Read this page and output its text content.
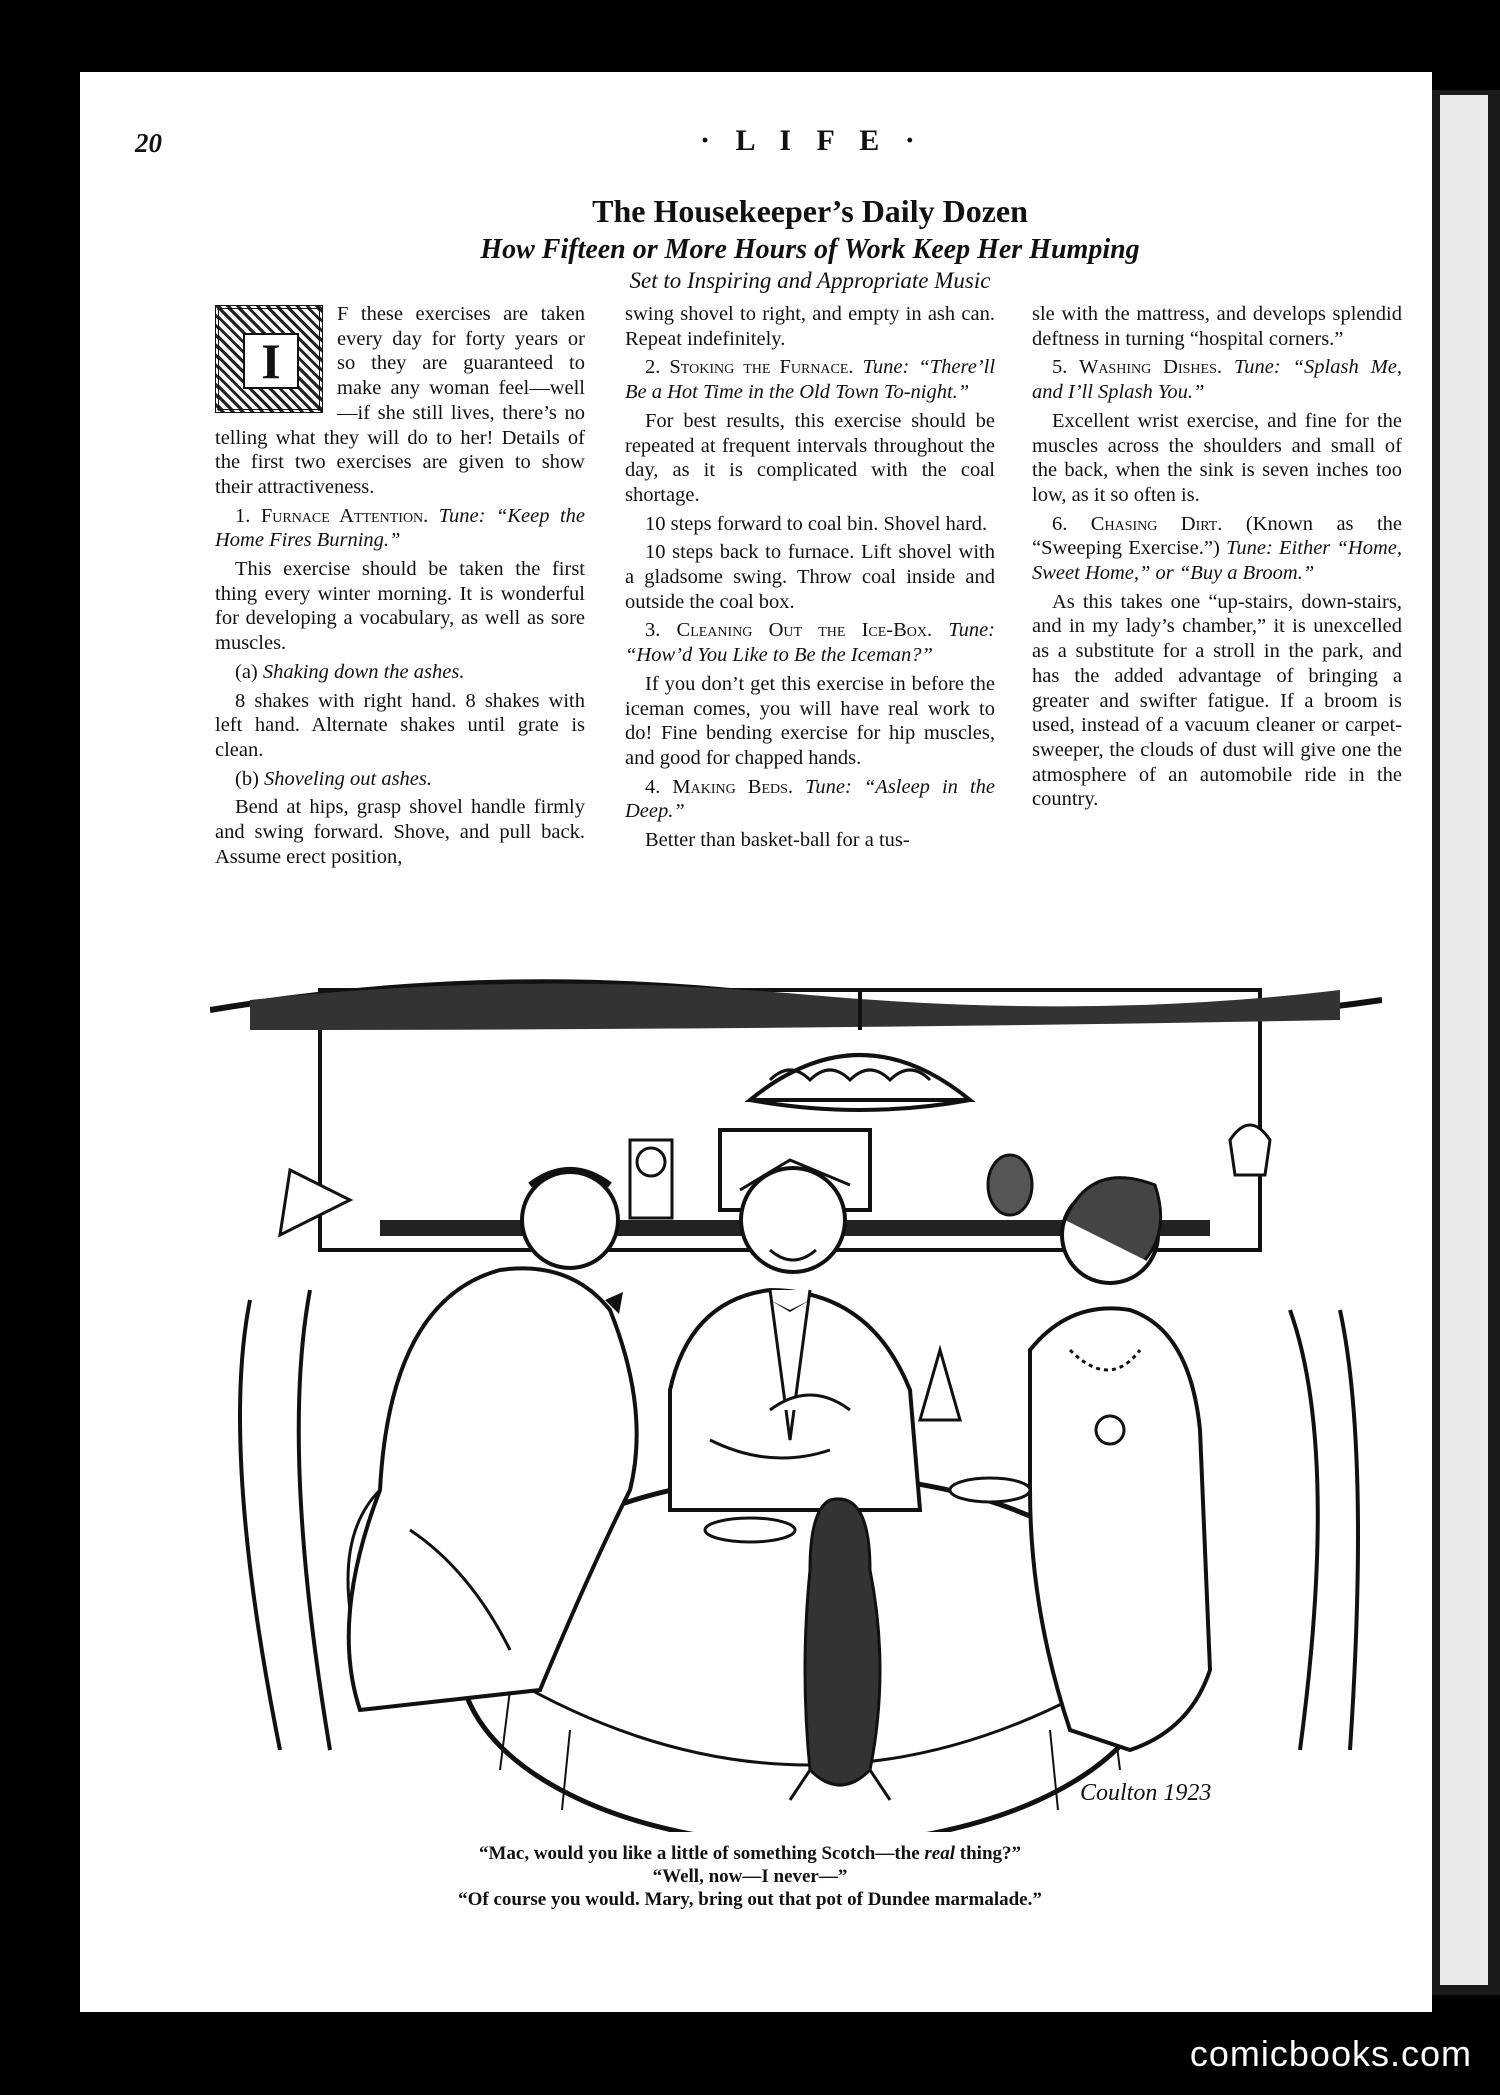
20	· L I F E ·
The Housekeeper’s Daily Dozen
How Fifteen or More Hours of Work Keep Her Humping
Set to Inspiring and Appropriate Music
I

F these exercises are taken every day for forty years or so they are guaranteed to make any woman feel—well—if she still lives, there’s no telling what they will do to her! Details of the first two exercises are given to show their attractiveness.

1. Furnace Attention. Tune: “Keep the Home Fires Burning.”

This exercise should be taken the first thing every winter morning. It is wonderful for developing a vocabulary, as well as sore muscles.

(a) Shaking down the ashes.

8 shakes with right hand. 8 shakes with left hand. Alternate shakes until grate is clean.

(b) Shoveling out ashes.

Bend at hips, grasp shovel handle firmly and swing forward. Shove, and pull back. Assume erect position,

swing shovel to right, and empty in ash can. Repeat indefinitely.

2. Stoking the Furnace. Tune: “There’ll Be a Hot Time in the Old Town To-night.”

For best results, this exercise should be repeated at frequent intervals throughout the day, as it is complicated with the coal shortage.

10 steps forward to coal bin. Shovel hard.

10 steps back to furnace. Lift shovel with a gladsome swing. Throw coal inside and outside the coal box.

3. Cleaning Out the Ice-Box. Tune: “How’d You Like to Be the Iceman?”

If you don’t get this exercise in before the iceman comes, you will have real work to do! Fine bending exercise for hip muscles, and good for chapped hands.

4. Making Beds. Tune: “Asleep in the Deep.”

Better than basket-ball for a tus-

sle with the mattress, and develops splendid deftness in turning “hospital corners.”

5. Washing Dishes. Tune: “Splash Me, and I’ll Splash You.”

Excellent wrist exercise, and fine for the muscles across the shoulders and small of the back, when the sink is seven inches too low, as it so often is.

6. Chasing Dirt. (Known as the “Sweeping Exercise.”) Tune: Either “Home, Sweet Home,” or “Buy a Broom.”

As this takes one “up-stairs, down-stairs, and in my lady’s chamber,” it is unexcelled as a substitute for a stroll in the park, and has the added advantage of bringing a greater and swifter fatigue. If a broom is used, instead of a vacuum cleaner or carpet-sweeper, the clouds of dust will give one the atmosphere of an automobile ride in the country.

Coulton 1923
“Mac, would you like a little of something Scotch—the real thing?”
“Well, now—I never—”
“Of course you would. Mary, bring out that pot of Dundee marmalade.”
comicbooks.com
